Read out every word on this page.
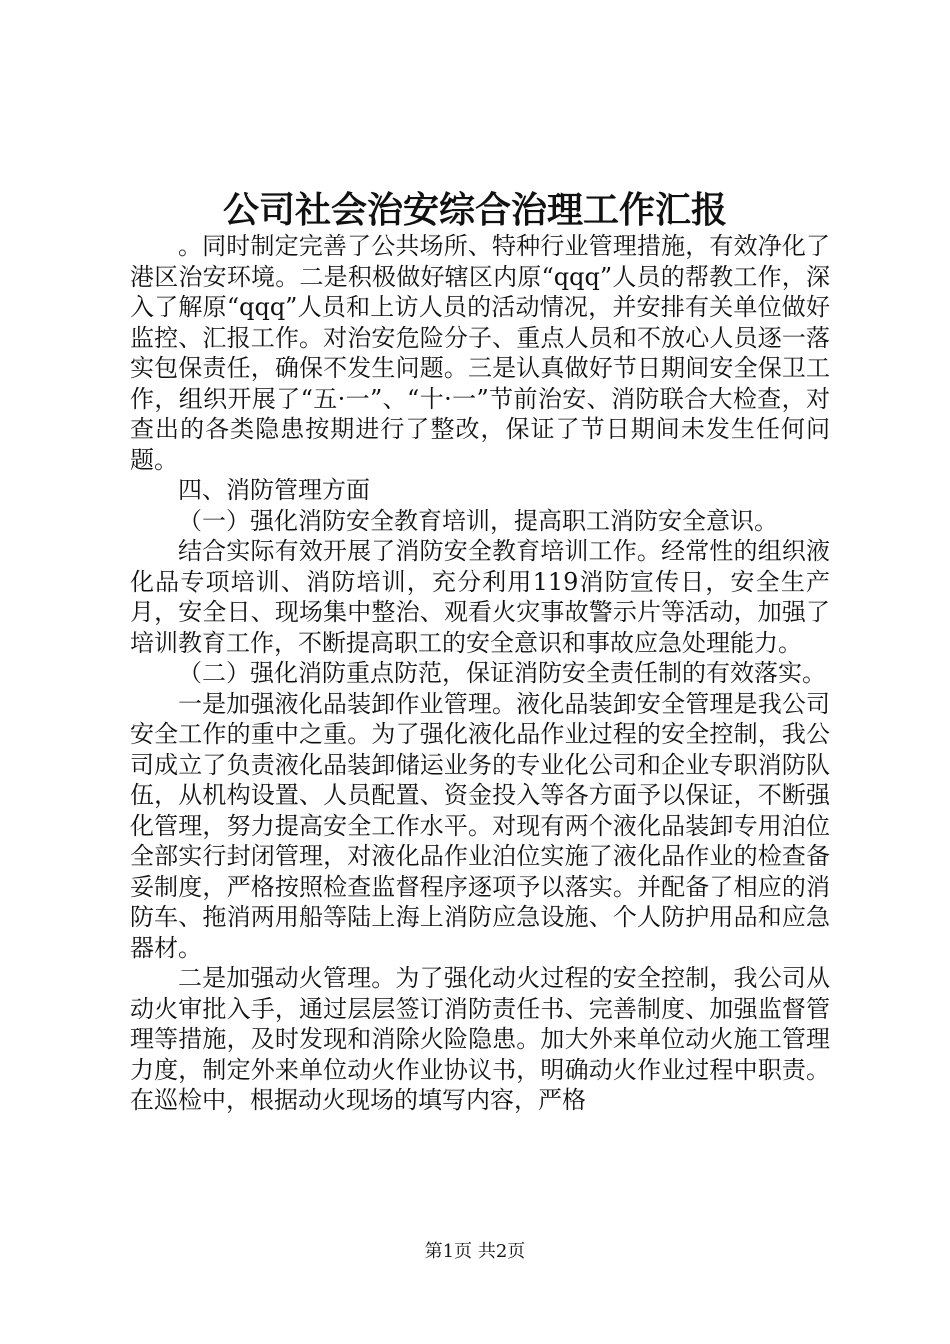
公司社会治安综合治理工作汇报

。同时制定完善了公共场所、特种行业管理措施，有效净化了港区治安环境。二是积极做好辖区内原“qqq”人员的帮教工作，深入了解原“qqq”人员和上访人员的活动情况，并安排有关单位做好监控、汇报工作。对治安危险分子、重点人员和不放心人员逐一落实包保责任，确保不发生问题。三是认真做好节日期间安全保卫工作，组织开展了“五·一”、“十·一”节前治安、消防联合大检查，对查出的各类隐患按期进行了整改，保证了节日期间未发生任何问题。

四、消防管理方面

（一）强化消防安全教育培训，提高职工消防安全意识。

结合实际有效开展了消防安全教育培训工作。经常性的组织液化品专项培训、消防培训，充分利用119消防宣传日，安全生产月，安全日、现场集中整治、观看火灾事故警示片等活动，加强了培训教育工作，不断提高职工的安全意识和事故应急处理能力。

（二）强化消防重点防范，保证消防安全责任制的有效落实。

一是加强液化品装卸作业管理。液化品装卸安全管理是我公司安全工作的重中之重。为了强化液化品作业过程的安全控制，我公司成立了负责液化品装卸储运业务的专业化公司和企业专职消防队伍，从机构设置、人员配置、资金投入等各方面予以保证，不断强化管理，努力提高安全工作水平。对现有两个液化品装卸专用泊位全部实行封闭管理，对液化品作业泊位实施了液化品作业的检查备妥制度，严格按照检查监督程序逐项予以落实。并配备了相应的消防车、拖消两用船等陆上海上消防应急设施、个人防护用品和应急器材。

二是加强动火管理。为了强化动火过程的安全控制，我公司从动火审批入手，通过层层签订消防责任书、完善制度、加强监督管理等措施，及时发现和消除火险隐患。加大外来单位动火施工管理力度，制定外来单位动火作业协议书，明确动火作业过程中职责。在巡检中，根据动火现场的填写内容，严格

第1页 共2页
